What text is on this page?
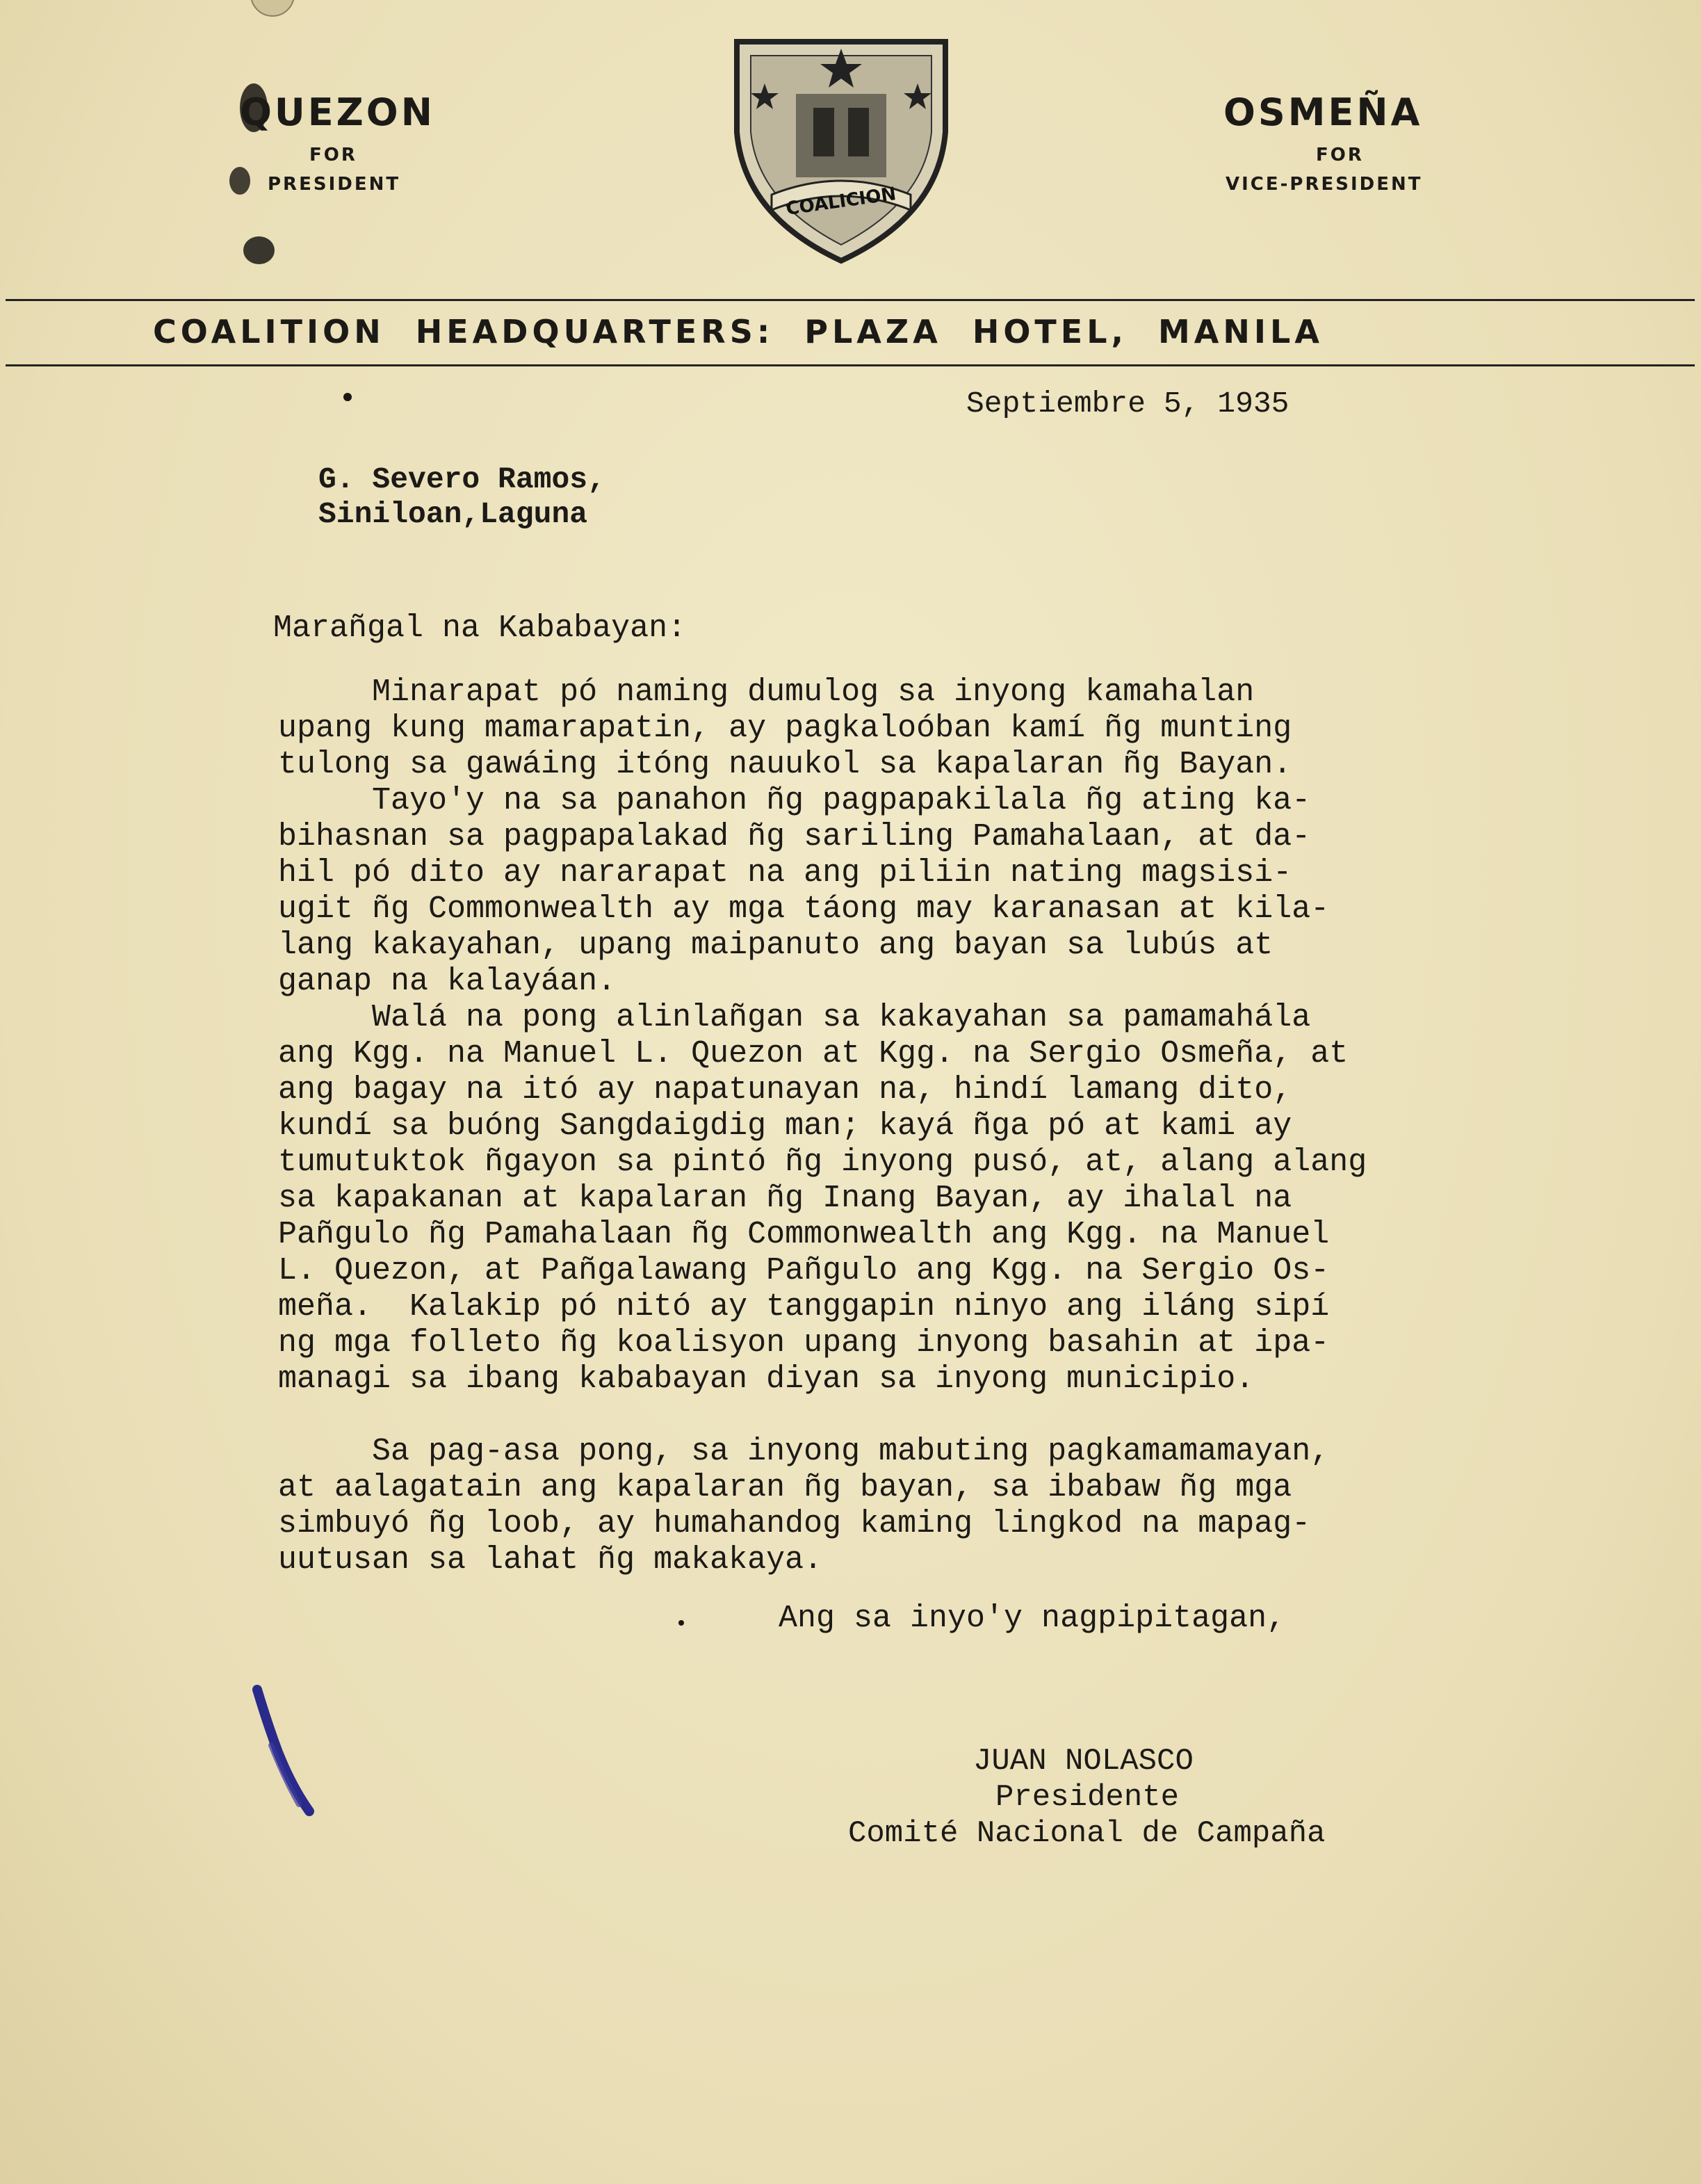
QUEZON
FOR
PRESIDENT	COALICION
OSMEÑA
FOR
VICE-PRESIDENT
COALITION HEADQUARTERS: PLAZA HOTEL, MANILA
Septiembre 5, 1935
G. Severo Ramos,
Siniloan,Laguna
Marañgal na Kababayan:
Minarapat pó naming dumulog sa inyong kamahalan
upang kung mamarapatin, ay pagkaloóban kamí ñg munting
tulong sa gawáing itóng nauukol sa kapalaran ñg Bayan.
Tayo'y na sa panahon ñg pagpapakilala ñg ating ka-
bihasnan sa pagpapalakad ñg sariling Pamahalaan, at da-
hil pó dito ay nararapat na ang piliin nating magsisi-
ugit ñg Commonwealth ay mga táong may karanasan at kila-
lang kakayahan, upang maipanuto ang bayan sa lubús at
ganap na kalayáan.
Walá na pong alinlañgan sa kakayahan sa pamamahála
ang Kgg. na Manuel L. Quezon at Kgg. na Sergio Osmeña, at
ang bagay na itó ay napatunayan na, hindí lamang dito,
kundí sa buóng Sangdaigdig man; kayá ñga pó at kami ay
tumutuktok ñgayon sa pintó ñg inyong pusó, at, alang alang
sa kapakanan at kapalaran ñg Inang Bayan, ay ihalal na
Pañgulo ñg Pamahalaan ñg Commonwealth ang Kgg. na Manuel
L. Quezon, at Pañgalawang Pañgulo ang Kgg. na Sergio Os-
meña.  Kalakip pó nitó ay tanggapin ninyo ang iláng sipí
ng mga folleto ñg koalisyon upang inyong basahin at ipa-
managi sa ibang kababayan diyan sa inyong municipio.
Sa pag-asa pong, sa inyong mabuting pagkamamamayan,
at aalagatain ang kapalaran ñg bayan, sa ibabaw ñg mga
simbuyó ñg loob, ay humahandog kaming lingkod na mapag-
uutusan sa lahat ñg makakaya.
Ang sa inyo'y nagpipitagan,
JUAN NOLASCO
Presidente
Comité Nacional de Campaña
